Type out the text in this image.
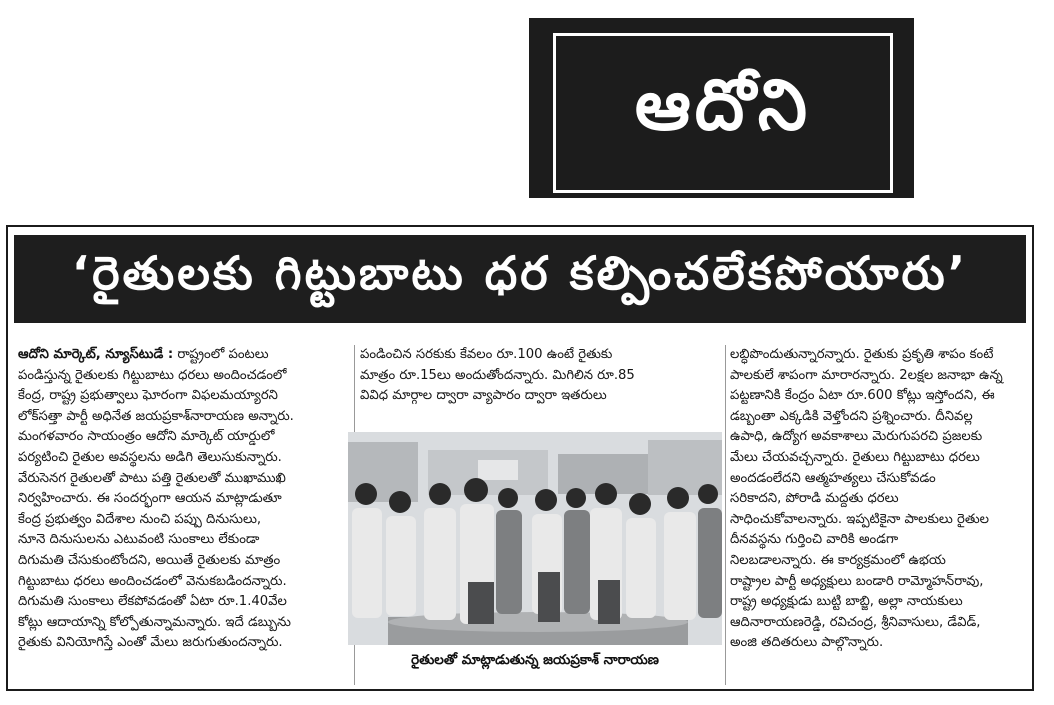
ఆదోని
‘రైతులకు గిట్టుబాటు ధర కల్పించలేకపోయారు’

ఆదోని మార్కెట్‌, న్యూస్‌టుడే : రాష్ట్రంలో పంటలు

పండిస్తున్న రైతులకు గిట్టుబాటు ధరలు అందించడంలో

కేంద్ర, రాష్ట్ర ప్రభుత్వాలు ఘోరంగా విఫలమయ్యారని

లోక్‌సత్తా పార్టీ అధినేత జయప్రకాశ్‌నారాయణ అన్నారు.

మంగళవారం సాయంత్రం ఆదోని మార్కెట్‌ యార్డులో

పర్యటించి రైతుల అవస్థలను అడిగి తెలుసుకున్నారు.

వేరుసెనగ రైతులతో పాటు పత్తి రైతులతో ముఖాముఖి

నిర్వహించారు. ఈ సందర్భంగా ఆయన మాట్లాడుతూ

కేంద్ర ప్రభుత్వం విదేశాల నుంచి పప్పు దినుసులు,

నూనె దినుసులను ఎటువంటి సుంకాలు లేకుండా

దిగుమతి చేసుకుంటోందని, అయితే రైతులకు మాత్రం

గిట్టుబాటు ధరలు అందించడంలో వెనుకబడిందన్నారు.

దిగుమతి సుంకాలు లేకపోవడంతో ఏటా రూ.1.40వేల

కోట్లు ఆదాయాన్ని కోల్పోతున్నామన్నారు. ఇదే డబ్బును

రైతుకు వినియోగిస్తే ఎంతో మేలు జరుగుతుందన్నారు.

పండించిన సరకుకు కేవలం రూ.100 ఉంటే రైతుకు

మాత్రం రూ.15లు అందుతోందన్నారు. మిగిలిన రూ.85

వివిధ మార్గాల ద్వారా వ్యాపారం ద్వారా ఇతరులు

లబ్ధిపొందుతున్నారన్నారు. రైతుకు ప్రకృతి శాపం కంటే

పాలకులే శాపంగా మారారన్నారు. 2లక్షల జనాభా ఉన్న

పట్టణానికి కేంద్రం ఏటా రూ.600 కోట్లు ఇస్తోందని, ఈ

డబ్బంతా ఎక్కడికి వెళ్తోందని ప్రశ్నించారు. దీనివల్ల

ఉపాధి, ఉద్యోగ అవకాశాలు మెరుగుపరచి ప్రజలకు

మేలు చేయవచ్చన్నారు. రైతులు గిట్టుబాటు ధరలు

అందడంలేదని ఆత్మహత్యలు చేసుకోవడం

సరికాదని, పోరాడి మద్దతు ధరలు

సాధించుకోవాలన్నారు. ఇప్పటికైనా పాలకులు రైతుల

దీనవస్థను గుర్తించి వారికి అండగా

నిలబడాలన్నారు. ఈ కార్యక్రమంలో ఉభయ

రాష్ట్రాల పార్టీ అధ్యక్షులు బండారి రామ్మోహన్‌రావు,

రాష్ట్ర అధ్యక్షుడు బుట్టి బాబ్జి, అల్లా నాయకులు

ఆదినారాయణరెడ్డి, రవిచంద్ర, శ్రీనివాసులు, డేవిడ్‌,

అంజి తదితరులు పాల్గొన్నారు.

రైతులతో మాట్లాడుతున్న జయప్రకాశ్‌ నారాయణ
